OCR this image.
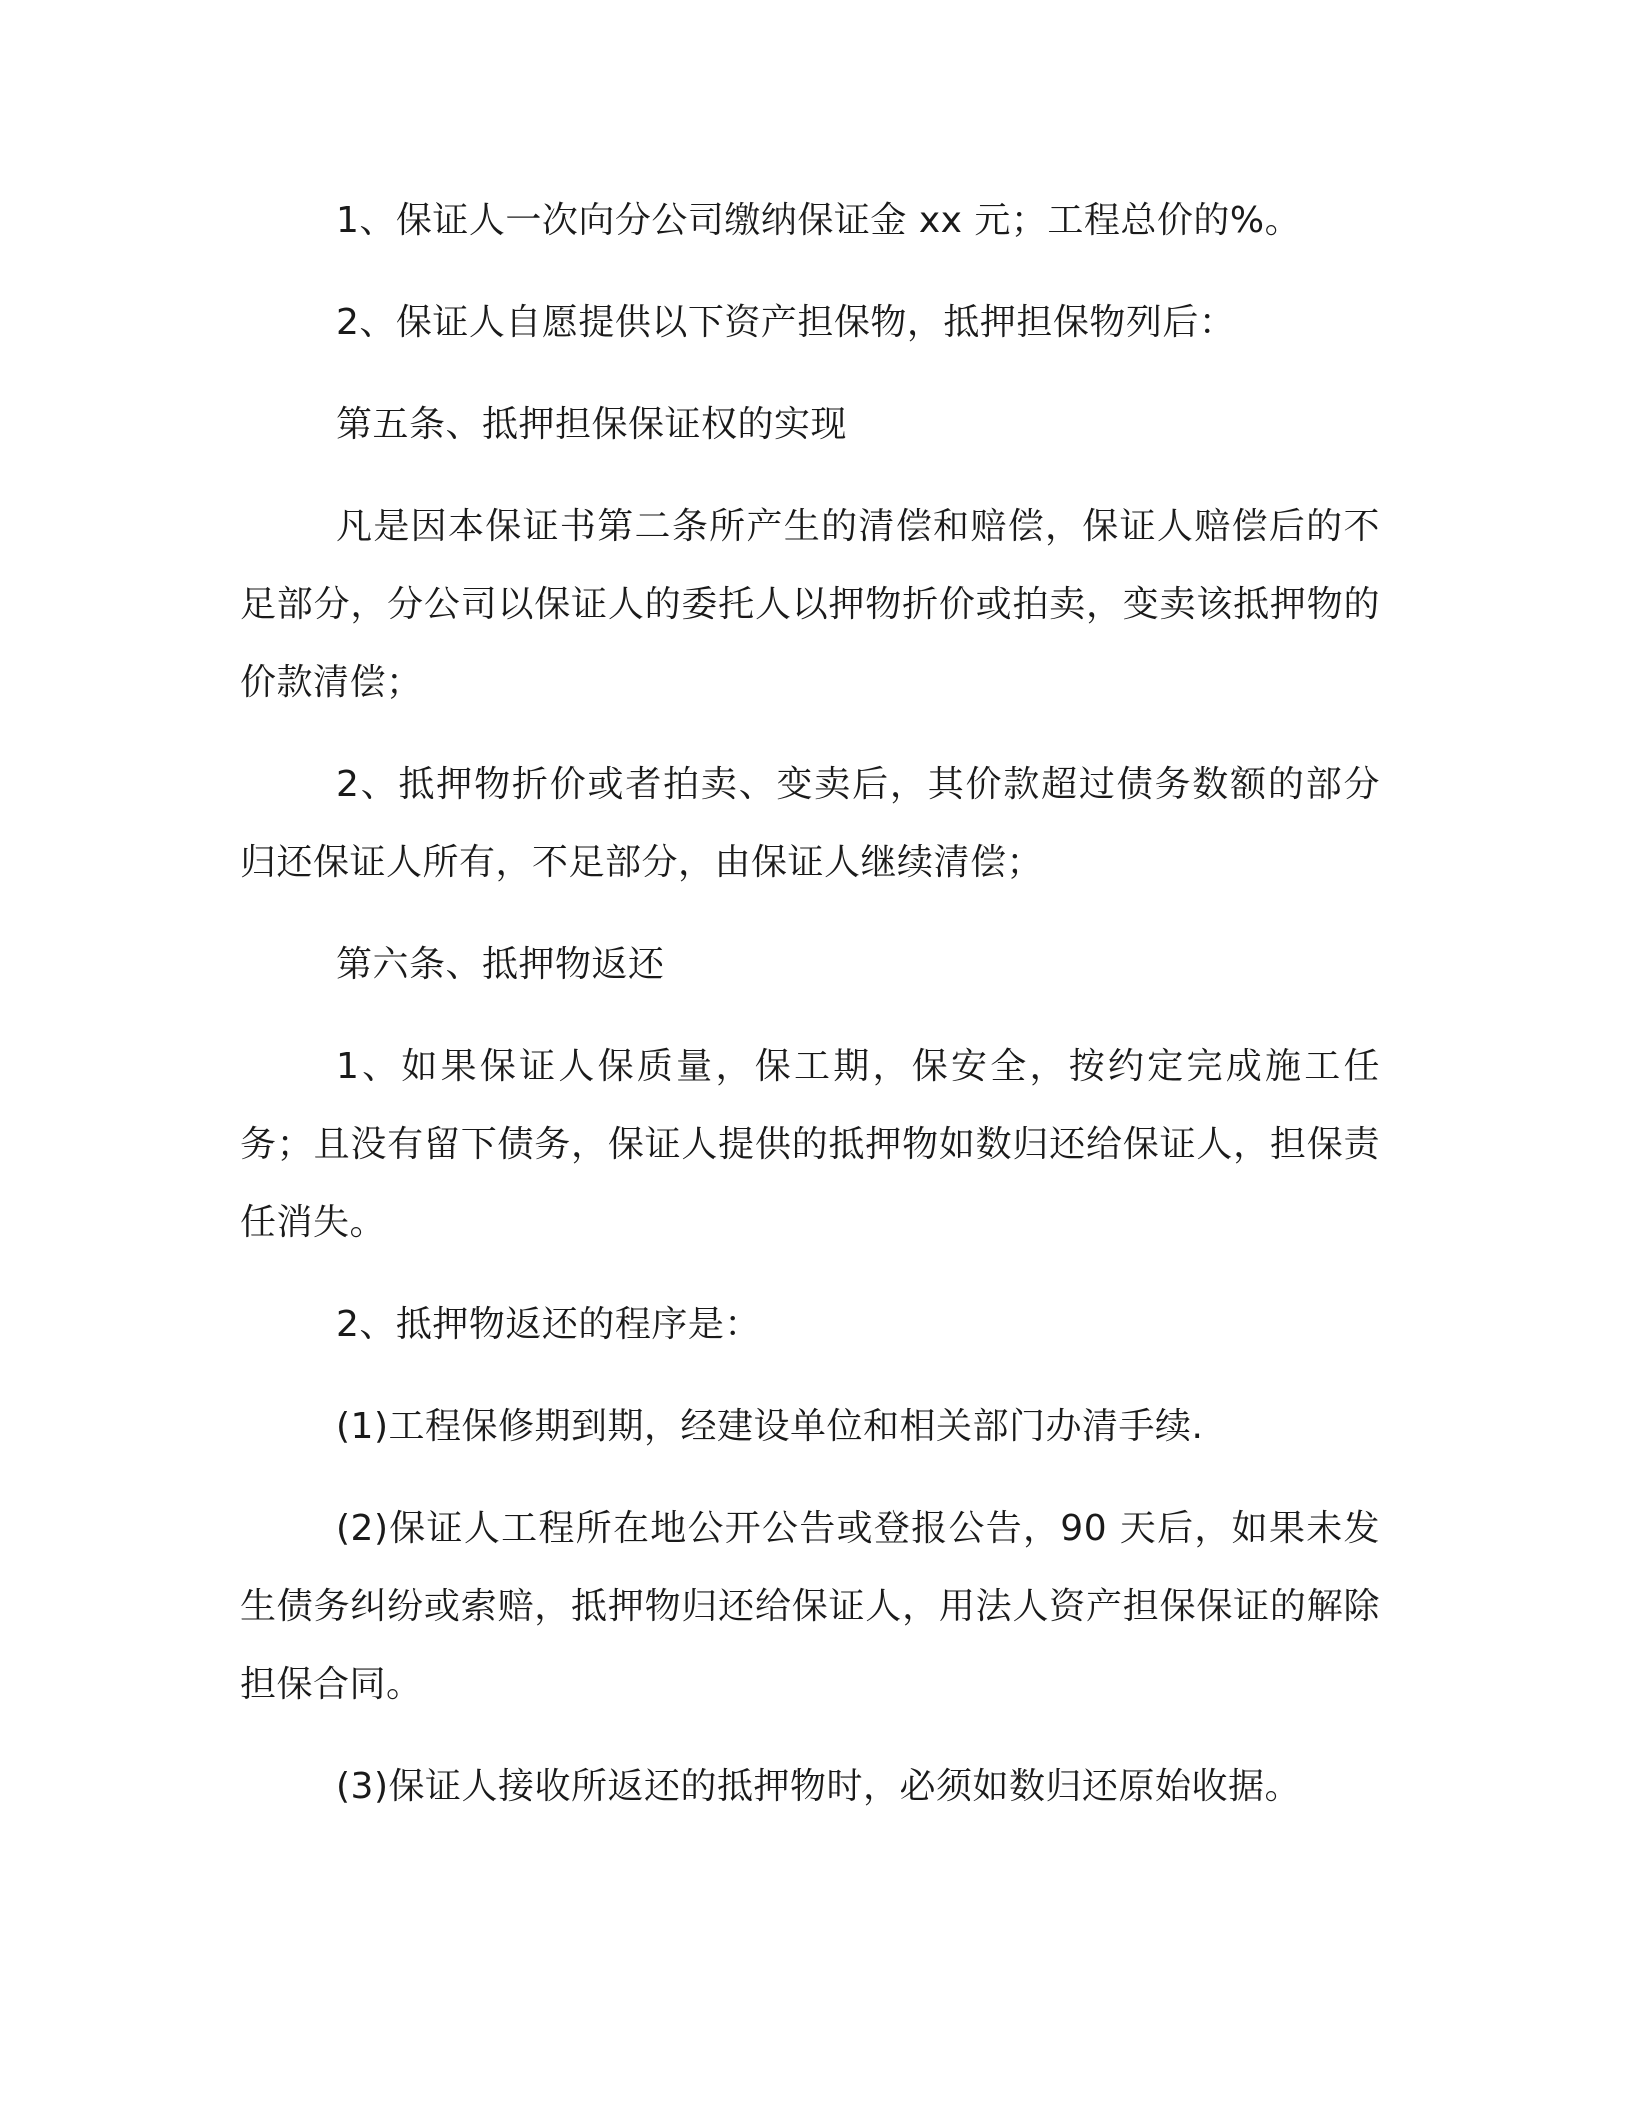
1、保证人一次向分公司缴纳保证金 xx 元；工程总价的%。

2、保证人自愿提供以下资产担保物，抵押担保物列后：

第五条、抵押担保保证权的实现

凡是因本保证书第二条所产生的清偿和赔偿，保证人赔偿后的不足部分，分公司以保证人的委托人以押物折价或拍卖，变卖该抵押物的价款清偿；

2、抵押物折价或者拍卖、变卖后，其价款超过债务数额的部分归还保证人所有，不足部分，由保证人继续清偿；

第六条、抵押物返还

1、如果保证人保质量，保工期，保安全，按约定完成施工任务；且没有留下债务，保证人提供的抵押物如数归还给保证人，担保责任消失。

2、抵押物返还的程序是：

(1)工程保修期到期，经建设单位和相关部门办清手续.

(2)保证人工程所在地公开公告或登报公告，90 天后，如果未发生债务纠纷或索赔，抵押物归还给保证人，用法人资产担保保证的解除担保合同。

(3)保证人接收所返还的抵押物时，必须如数归还原始收据。
